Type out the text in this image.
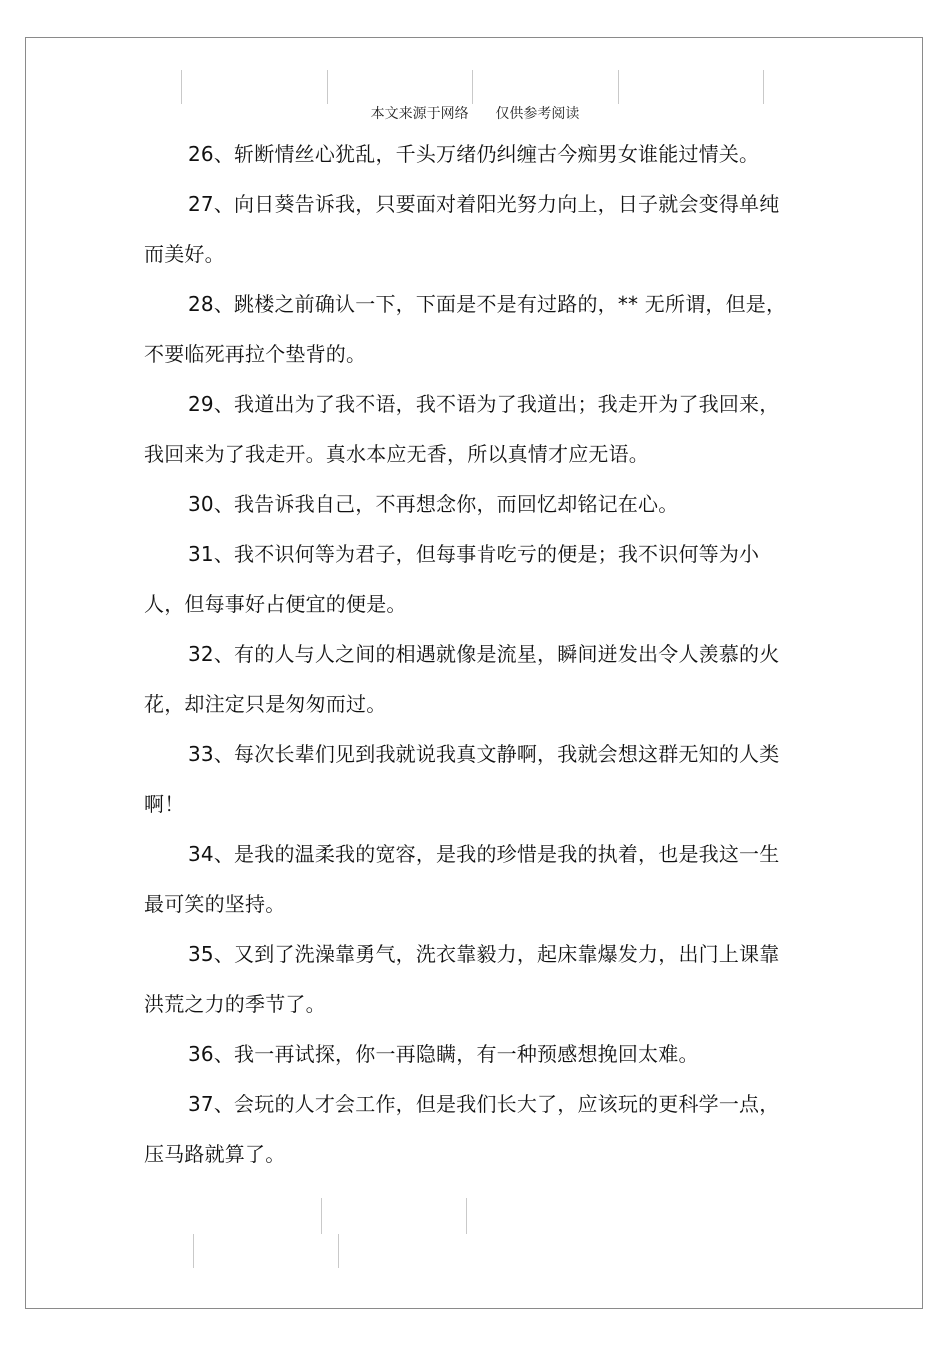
本文来源于网络 仅供参考阅读

26、斩断情丝心犹乱，千头万绪仍纠缠古今痴男女谁能过情关。

27、向日葵告诉我，只要面对着阳光努力向上，日子就会变得单纯而美好。

28、跳楼之前确认一下，下面是不是有过路的，** 无所谓，但是，不要临死再拉个垫背的。

29、我道出为了我不语，我不语为了我道出；我走开为了我回来，我回来为了我走开。真水本应无香，所以真情才应无语。

30、我告诉我自己，不再想念你，而回忆却铭记在心。

31、我不识何等为君子，但每事肯吃亏的便是；我不识何等为小人，但每事好占便宜的便是。

32、有的人与人之间的相遇就像是流星，瞬间迸发出令人羡慕的火花，却注定只是匆匆而过。

33、每次长辈们见到我就说我真文静啊，我就会想这群无知的人类啊！

34、是我的温柔我的宽容，是我的珍惜是我的执着，也是我这一生最可笑的坚持。

35、又到了洗澡靠勇气，洗衣靠毅力，起床靠爆发力，出门上课靠洪荒之力的季节了。

36、我一再试探，你一再隐瞒，有一种预感想挽回太难。

37、会玩的人才会工作，但是我们长大了，应该玩的更科学一点，压马路就算了。
